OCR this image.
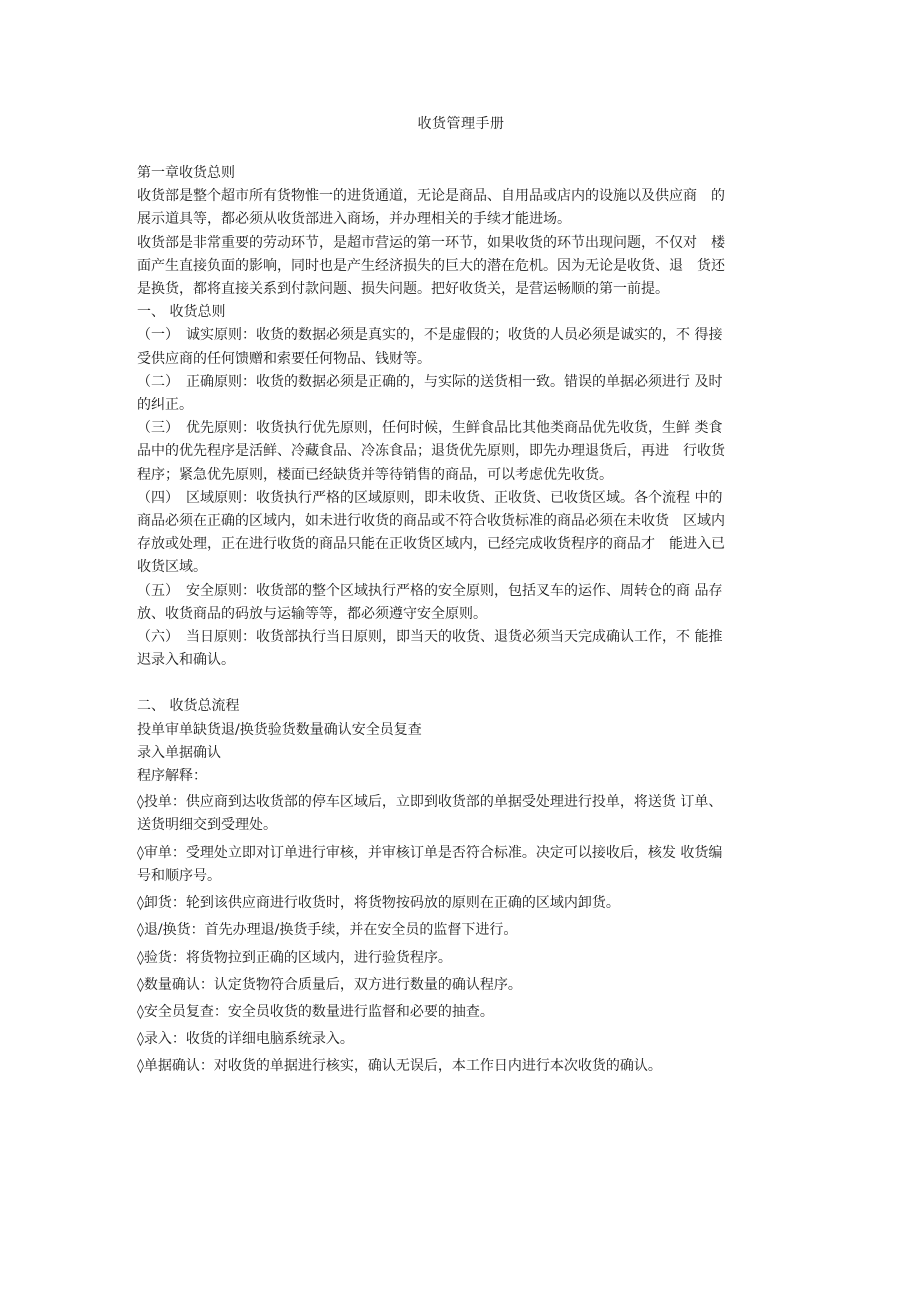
收货管理手册
第一章收货总则
收货部是整个超市所有货物惟一的进货通道，无论是商品、自用品或店内的设施以及供应商　的
展示道具等，都必须从收货部进入商场，并办理相关的手续才能进场。
收货部是非常重要的劳动环节，是超市营运的第一环节，如果收货的环节出现问题，不仅对　楼
面产生直接负面的影响，同时也是产生经济损失的巨大的潜在危机。因为无论是收货、退　货还
是换货，都将直接关系到付款问题、损失问题。把好收货关，是营运畅顺的第一前提。
一、 收货总则
（一）　诚实原则：收货的数据必须是真实的，不是虚假的；收货的人员必须是诚实的，不 得接
受供应商的任何馈赠和索要任何物品、钱财等。
（二）　正确原则：收货的数据必须是正确的，与实际的送货相一致。错误的单据必须进行 及时
的纠正。
（三）　优先原则：收货执行优先原则，任何时候，生鲜食品比其他类商品优先收货，生鲜 类食
品中的优先程序是活鲜、冷藏食品、冷冻食品；退货优先原则，即先办理退货后，再进　行收货
程序；紧急优先原则，楼面已经缺货并等待销售的商品，可以考虑优先收货。
（四）　区域原则：收货执行严格的区域原则，即未收货、正收货、已收货区域。各个流程 中的
商品必须在正确的区域内，如未进行收货的商品或不符合收货标准的商品必须在未收货　区域内
存放或处理，正在进行收货的商品只能在正收货区域内，已经完成收货程序的商品才　能进入已
收货区域。
（五）　安全原则：收货部的整个区域执行严格的安全原则，包括叉车的运作、周转仓的商 品存
放、收货商品的码放与运输等等，都必须遵守安全原则。
（六）　当日原则：收货部执行当日原则，即当天的收货、退货必须当天完成确认工作，不 能推
迟录入和确认。
二、 收货总流程
投单审单缺货退/换货验货数量确认安全员复查
录入单据确认
程序解释：
◊投单：供应商到达收货部的停车区域后，立即到收货部的单据受处理进行投单，将送货 订单、
送货明细交到受理处。
◊审单：受理处立即对订单进行审核，并审核订单是否符合标准。决定可以接收后，核发 收货编
号和顺序号。
◊卸货：轮到该供应商进行收货时，将货物按码放的原则在正确的区域内卸货。
◊退/换货：首先办理退/换货手续，并在安全员的监督下进行。
◊验货：将货物拉到正确的区域内，进行验货程序。
◊数量确认：认定货物符合质量后，双方进行数量的确认程序。
◊安全员复查：安全员收货的数量进行监督和必要的抽查。
◊录入：收货的详细电脑系统录入。
◊单据确认：对收货的单据进行核实，确认无误后，本工作日内进行本次收货的确认。
